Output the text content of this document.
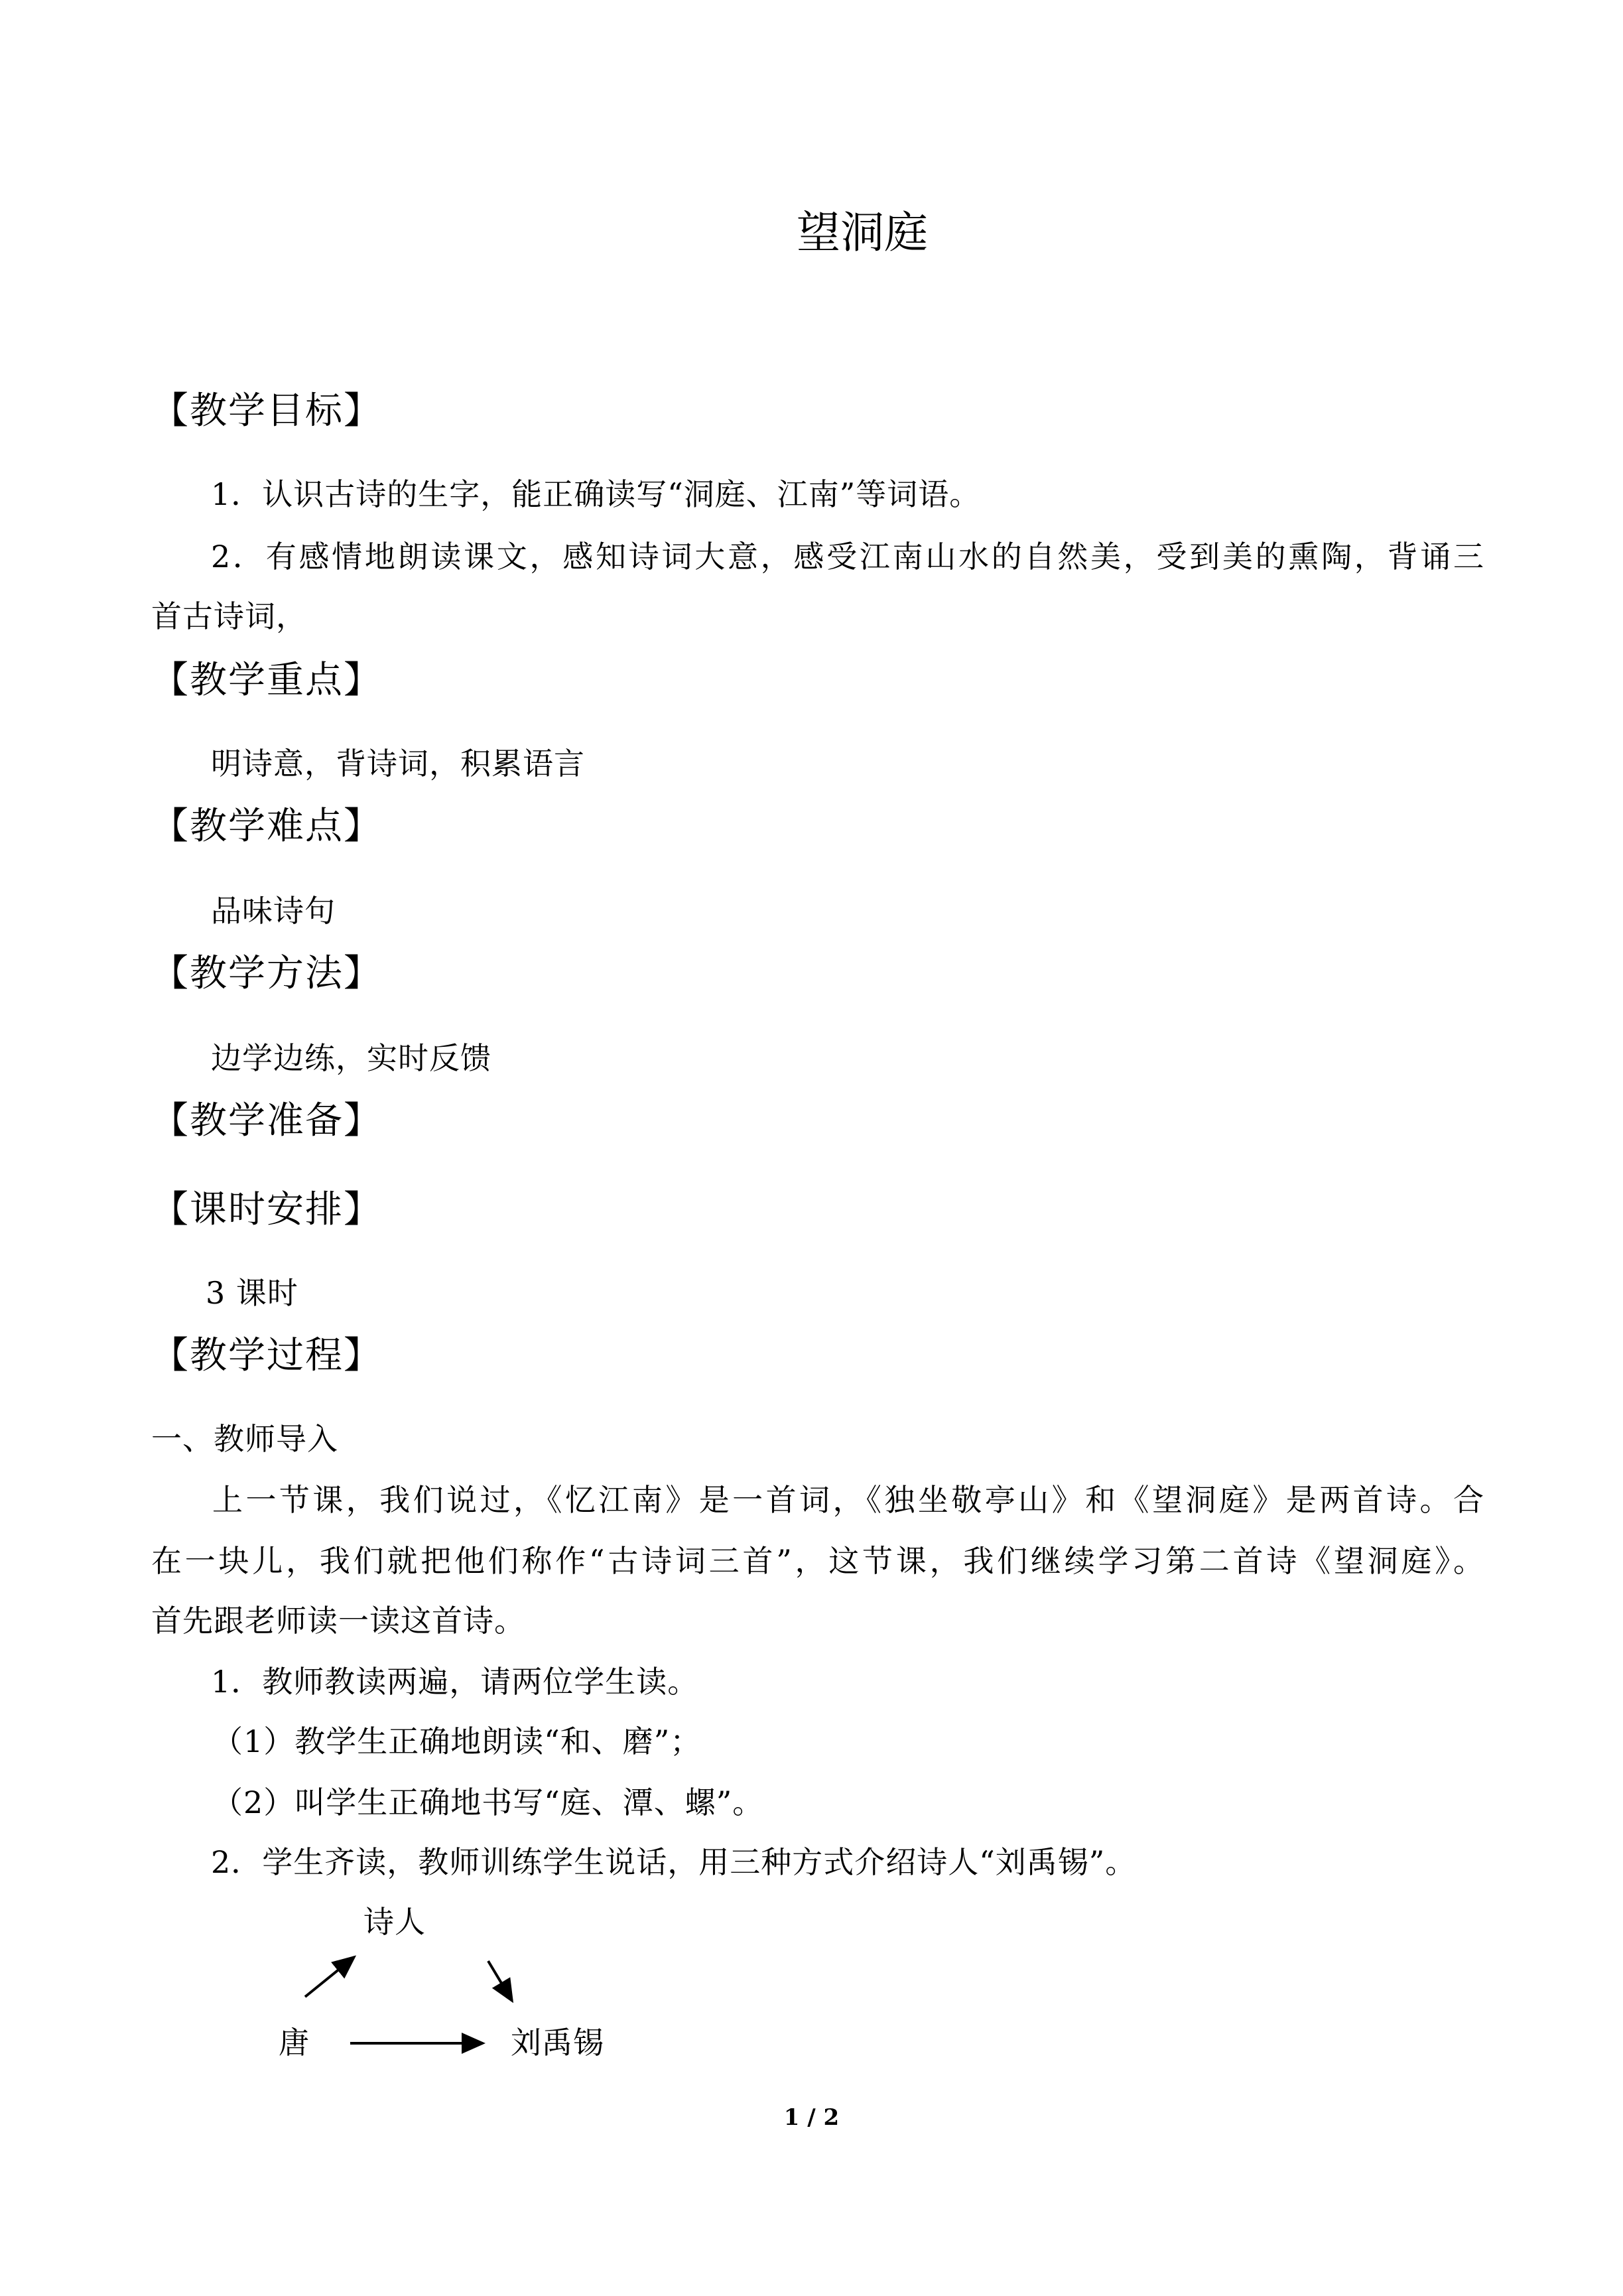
望洞庭
【教学目标】
1．认识古诗的生字，能正确读写“洞庭、江南”等词语。
2．有感情地朗读课文，感知诗词大意，感受江南山水的自然美，受到美的熏陶，背诵三
首古诗词，
【教学重点】
明诗意，背诗词，积累语言
【教学难点】
品味诗句
【教学方法】
边学边练，实时反馈
【教学准备】
【课时安排】
3 课时
【教学过程】
一、教师导入
上一节课，我们说过，《忆江南》是一首词，《独坐敬亭山》和《望洞庭》是两首诗。合
在一块儿，我们就把他们称作“古诗词三首”，这节课，我们继续学习第二首诗《望洞庭》。
首先跟老师读一读这首诗。
1．教师教读两遍，请两位学生读。
（1）教学生正确地朗读“和、磨”；
（2）叫学生正确地书写“庭、潭、螺”。
2．学生齐读，教师训练学生说话，用三种方式介绍诗人“刘禹锡”。
诗人
唐	刘禹锡
1 / 2
